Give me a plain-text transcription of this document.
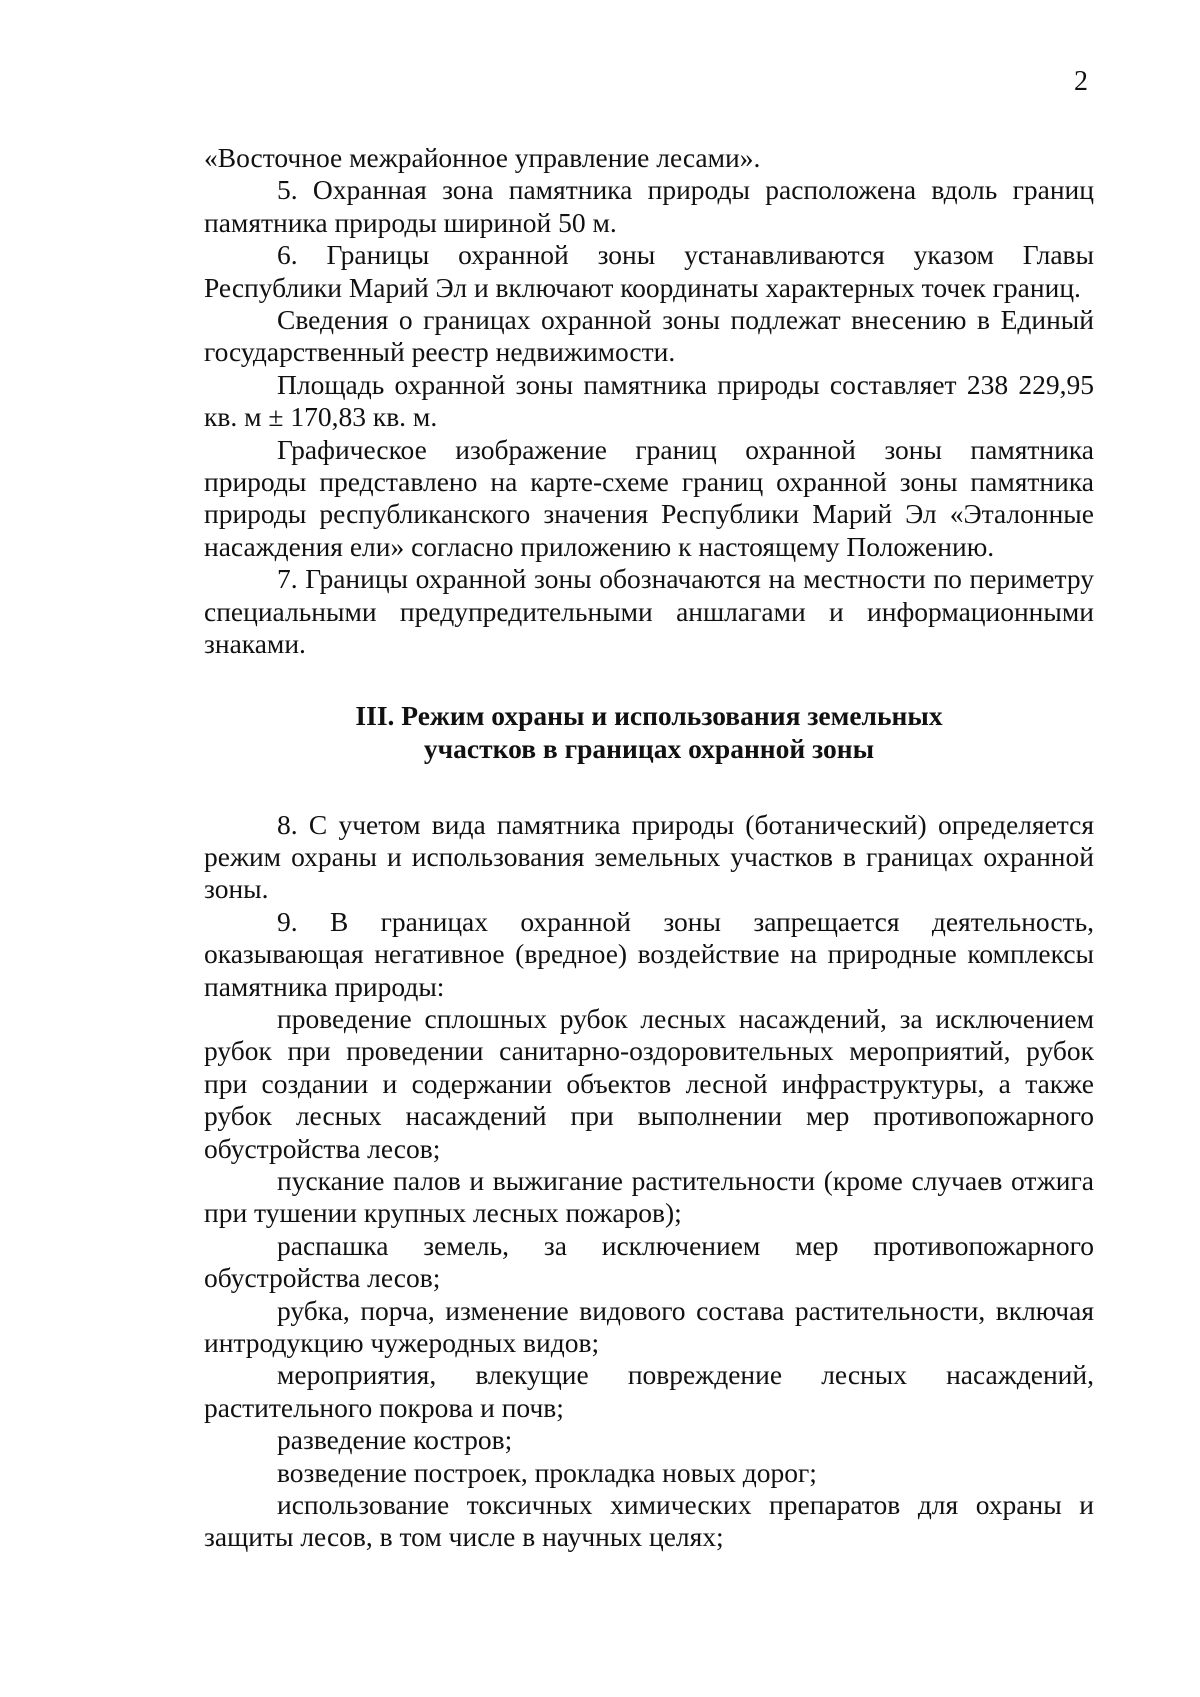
2

«Восточное межрайонное управление лесами».

5. Охранная зона памятника природы расположена вдоль границ памятника природы шириной 50 м.

6. Границы охранной зоны устанавливаются указом Главы Республики Марий Эл и включают координаты характерных точек границ.

Сведения о границах охранной зоны подлежат внесению в Единый государственный реестр недвижимости.

Площадь охранной зоны памятника природы составляет 238 229,95 кв. м ± 170,83 кв. м.

Графическое изображение границ охранной зоны памятника природы представлено на карте-схеме границ охранной зоны памятника природы республиканского значения Республики Марий Эл «Эталонные насаждения ели» согласно приложению к настоящему Положению.

7. Границы охранной зоны обозначаются на местности по периметру специальными предупредительными аншлагами и информационными знаками.

III. Режим охраны и использования земельных

участков в границах охранной зоны

8. С учетом вида памятника природы (ботанический) определяется режим охраны и использования земельных участков в границах охранной зоны.

9. В границах охранной зоны запрещается деятельность, оказывающая негативное (вредное) воздействие на природные комплексы памятника природы:

проведение сплошных рубок лесных насаждений, за исключением рубок при проведении санитарно-оздоровительных мероприятий, рубок при создании и содержании объектов лесной инфраструктуры, а также рубок лесных насаждений при выполнении мер противопожарного обустройства лесов;

пускание палов и выжигание растительности (кроме случаев отжига при тушении крупных лесных пожаров);

распашка земель, за исключением мер противопожарного обустройства лесов;

рубка, порча, изменение видового состава растительности, включая интродукцию чужеродных видов;

мероприятия, влекущие повреждение лесных насаждений, растительного покрова и почв;

разведение костров;

возведение построек, прокладка новых дорог;

использование токсичных химических препаратов для охраны и защиты лесов, в том числе в научных целях;
